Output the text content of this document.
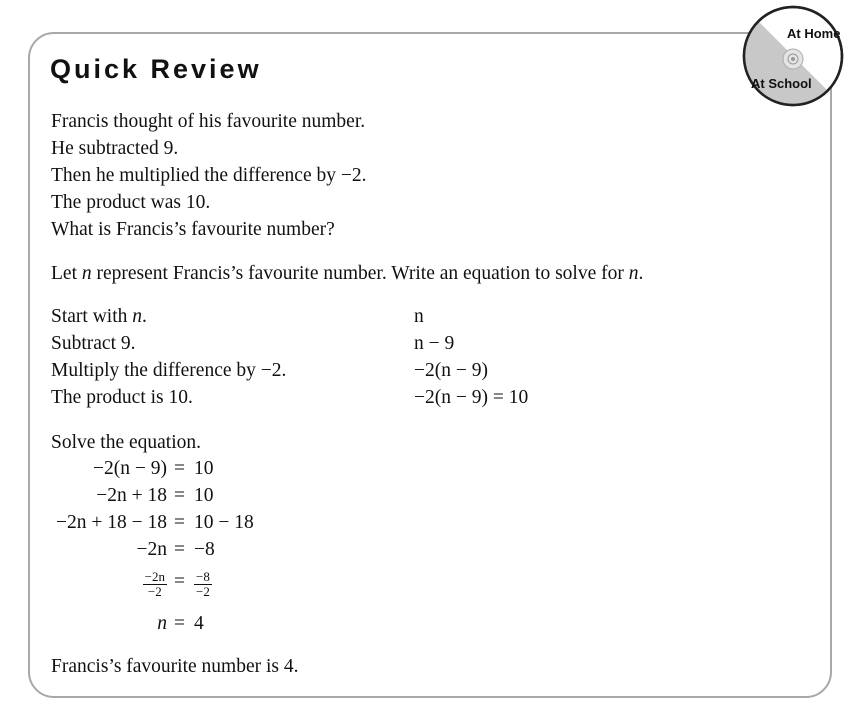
Quick Review
At Home
At School
Francis thought of his favourite number.
He subtracted 9.
Then he multiplied the difference by −2.
The product was 10.
What is Francis’s favourite number?
Let n represent Francis’s favourite number. Write an equation to solve for n.
Start with n.
Subtract 9.
Multiply the difference by −2.
The product is 10.
n
n − 9
−2(n − 9)
−2(n − 9) = 10
Solve the equation.
−2(n − 9) = 10
−2n + 18 = 10
−2n + 18 − 18 = 10 − 18
−2n = −8
$\frac{-2n}{-2} = \frac{-8}{-2}$
n = 4
Francis’s favourite number is 4.
